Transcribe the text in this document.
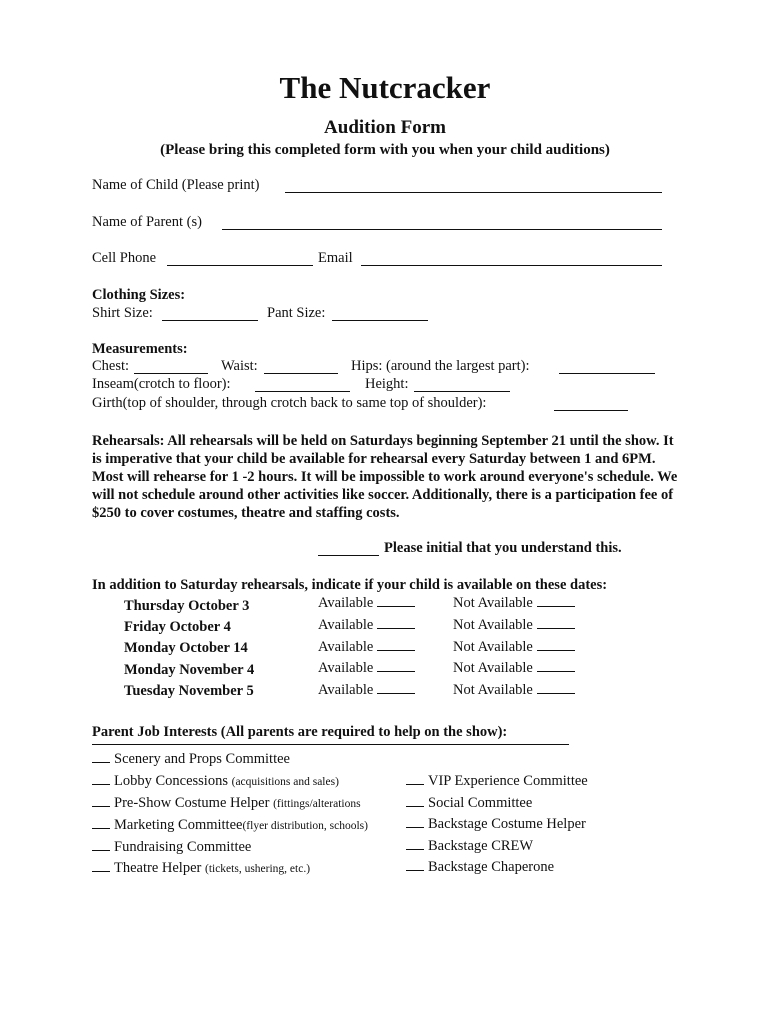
The Nutcracker
Audition Form
(Please bring this completed form with you when your child auditions)
Name of Child (Please print)
Name of Parent (s)
Cell Phone	Email
Clothing Sizes:
Shirt Size:	Pant Size:
Measurements:
Chest:	Waist:	Hips: (around the largest part):
Inseam(crotch to floor):	Height:
Girth(top of shoulder, through crotch back to same top of shoulder):

Rehearsals: All rehearsals will be held on Saturdays beginning September 21 until the show. It is imperative that your child be available for rehearsal every Saturday between 1 and 6PM. Most will rehearse for 1 -2 hours. It will be impossible to work around everyone's schedule. We will not schedule around other activities like soccer. Additionally, there is a participation fee of $250 to cover costumes, theatre and staffing costs.

Please initial that you understand this.
In addition to Saturday rehearsals, indicate if your child is available on these dates:
Thursday October 3	Available	Not Available
Friday October 4	Available	Not Available
Monday October 14	Available	Not Available
Monday November 4	Available	Not Available
Tuesday November 5	Available	Not Available
Parent Job Interests (All parents are required to help on the show):
Scenery and Props Committee
Lobby Concessions (acquisitions and sales)
Pre-Show Costume Helper (fittings/alterations
Marketing Committee(flyer distribution, schools)
Fundraising Committee
Theatre Helper (tickets, ushering, etc.)
VIP Experience Committee
Social Committee
Backstage Costume Helper
Backstage CREW
Backstage Chaperone
